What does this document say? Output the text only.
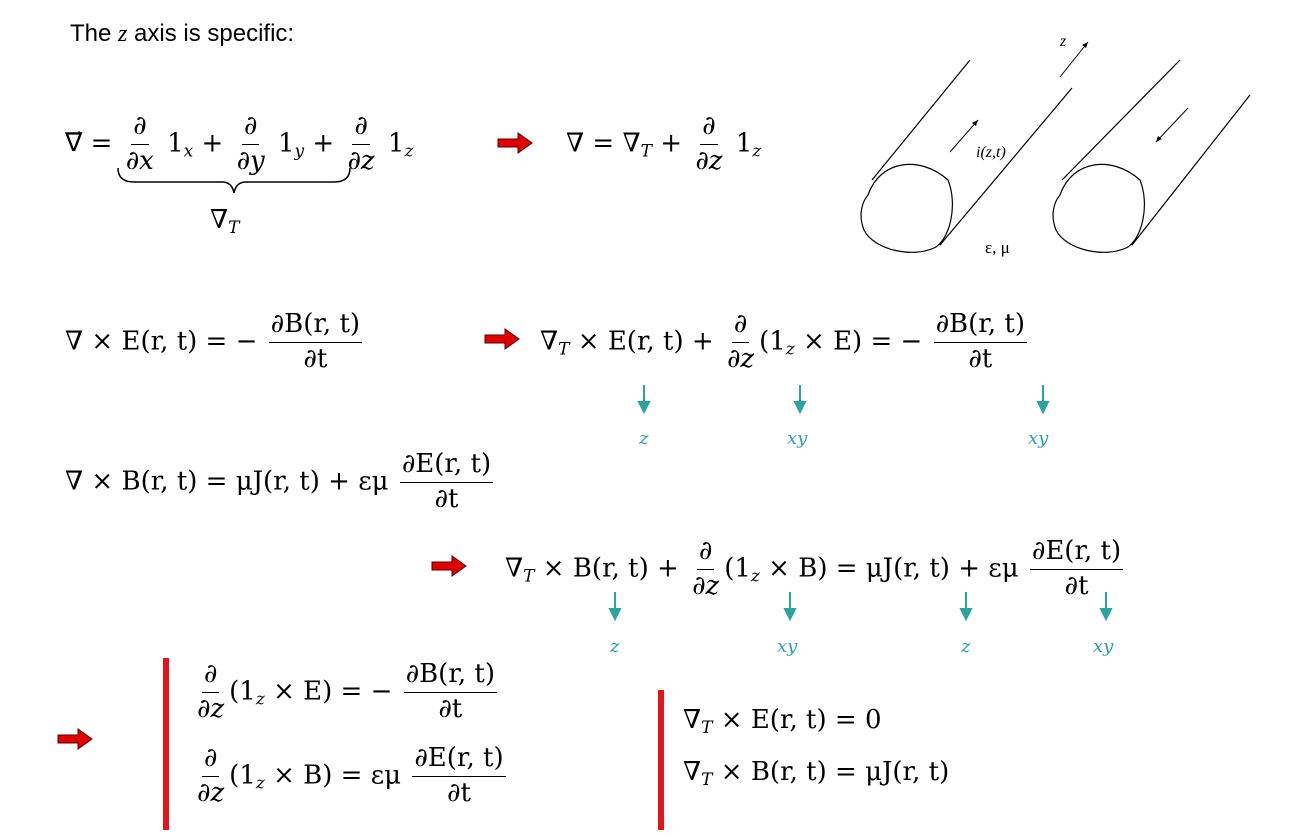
The z axis is specific:
∇ ⃗ = $\frac{\partial}{\partial x} 1_x + \frac{\partial}{\partial y} 1_y + \frac{\partial}{\partial z} 1_z$
$\nabla_T$
∇ = $\nabla_T + \frac{\partial}{\partial z} 1_z$
z
i(z,t)
ε, μ
∇ × E(r, t) = − $\frac{\partial B(r, t)}{\partial t}$	$\nabla_T \times E(r$, $t) + \frac{\partial}{\partial z} (1_z \times E)$ = − $\frac{\partial B(r, t)}{\partial t}$
z	xy	xy
∇ × B(r, t) = μJ(r, t) + εμ $\frac{\partial E(r, t)}{\partial t}$
$\nabla_T \times B(r$, $t) + \frac{\partial}{\partial z} (1_z \times B) = \mu J(r$, t) + εμ $\frac{\partial E(r, t)}{\partial t}$
z	xy	z	xy
$\frac{\partial}{\partial z} (1_z \times E)$ = − $\frac{\partial B(r, t)}{\partial t}$
$\frac{\partial}{\partial z} (1_z \times B) = \varepsilon\mu \frac{\partial E(r, t)}{\partial t}$
$\nabla_T \times E(r$, t) = 0
$\nabla_T \times B(r$, t) = μJ(r, t)
